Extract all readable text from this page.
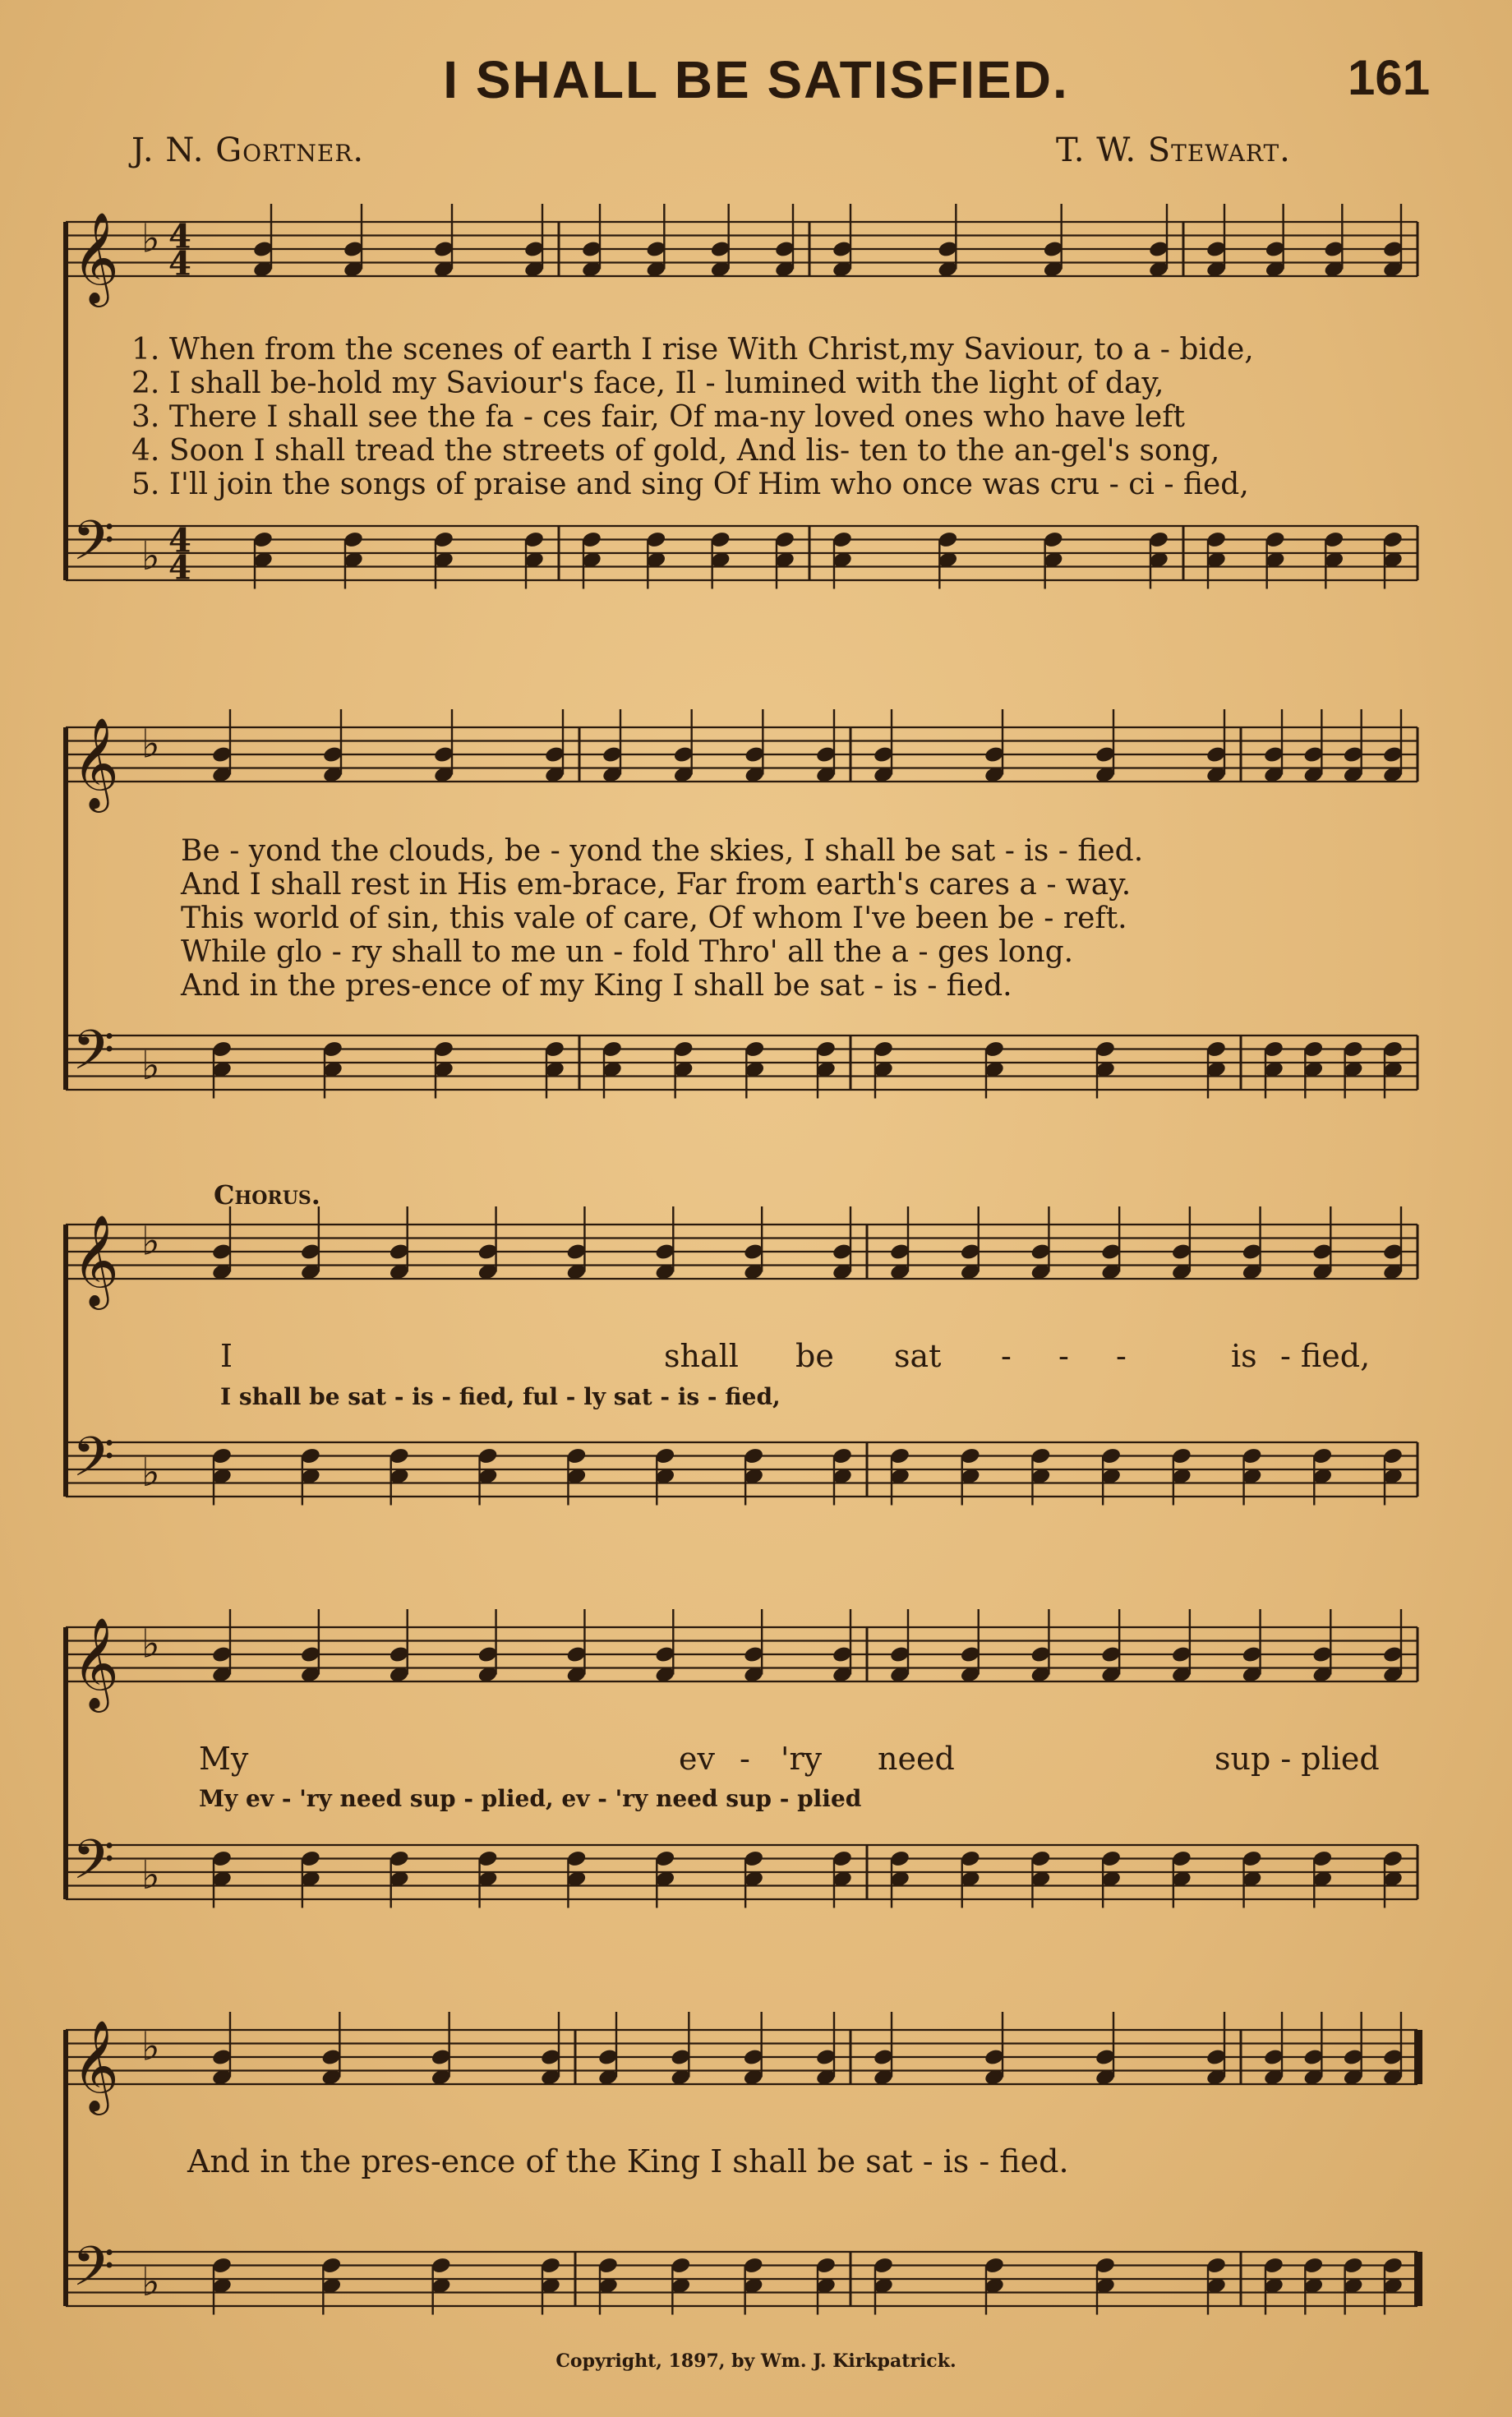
I SHALL BE SATISFIED.	161
J. N. Gortner.	T. W. Stewart.
𝄞 ♭ 4
4
𝄢 ♭ 4
4
𝄞 ♭
𝄢 ♭
𝄞 ♭
𝄢 ♭
𝄞 ♭
𝄢 ♭
𝄞 ♭
𝄢 ♭
1. When from the scenes of earth I rise With Christ,my Saviour, to a - bide,
2. I shall be-hold my Saviour's face, Il - lumined with the light of day,
3. There I shall see the fa - ces fair, Of ma-ny loved ones who have left
4. Soon I shall tread the streets of gold, And lis- ten to the an-gel's song,
5. I'll join the songs of praise and sing Of Him who once was cru - ci - fied,
Be - yond the clouds, be - yond the skies, I shall be sat - is - fied.
And I shall rest in His em-brace, Far from earth's cares a - way.
This world of sin, this vale of care, Of whom I've been be - reft.
While glo - ry shall to me un - fold Thro' all the a - ges long.
And in the pres-ence of my King I shall be sat - is - fied.
Chorus.
I	shall be sat - - -	is - fied,
I shall be sat - is - fied, ful - ly sat - is - fied,
My	ev - 'ry need	sup - plied
My ev - 'ry need sup - plied, ev - 'ry need sup - plied
And in the pres-ence of the King I shall be sat - is - fied.
Copyright, 1897, by Wm. J. Kirkpatrick.
